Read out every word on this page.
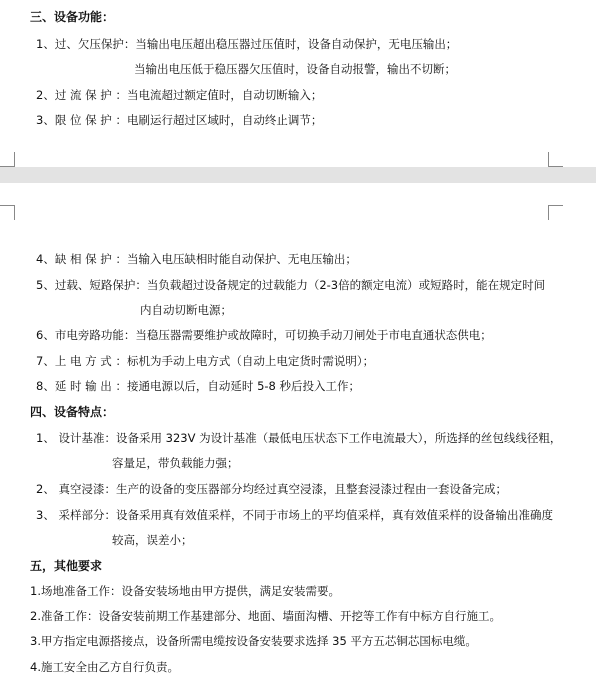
三、设备功能：
1、过、欠压保护：当输出电压超出稳压器过压值时，设备自动保护，无电压输出；
当输出电压低于稳压器欠压值时，设备自动报警，输出不切断；
2、过 流 保 护 ：当电流超过额定值时，自动切断输入；
3、限 位 保 护 ：电刷运行超过区域时，自动终止调节；
4、缺 相 保 护 ：当输入电压缺相时能自动保护、无电压输出；
5、过载、短路保护：当负载超过设备规定的过载能力（2-3倍的额定电流）或短路时，能在规定时间
内自动切断电源；
6、市电旁路功能：当稳压器需要维护或故障时，可切换手动刀闸处于市电直通状态供电；
7、上 电 方 式 ：标机为手动上电方式（自动上电定货时需说明）；
8、延 时 输 出 ：接通电源以后，自动延时 5-8 秒后投入工作；
四、设备特点：
1、 设计基准：设备采用 323V 为设计基准（最低电压状态下工作电流最大），所选择的丝包线线径粗，
容量足，带负载能力强；
2、 真空浸漆：生产的设备的变压器部分均经过真空浸漆，且整套浸漆过程由一套设备完成；
3、 采样部分：设备采用真有效值采样，不同于市场上的平均值采样，真有效值采样的设备输出准确度
较高，误差小；
五，其他要求
1.场地准备工作：设备安装场地由甲方提供，满足安装需要。
2.准备工作：设备安装前期工作基建部分、地面、墙面沟槽、开挖等工作有中标方自行施工。
3.甲方指定电源搭接点，设备所需电缆按设备安装要求选择 35 平方五芯铜芯国标电缆。
4.施工安全由乙方自行负责。
